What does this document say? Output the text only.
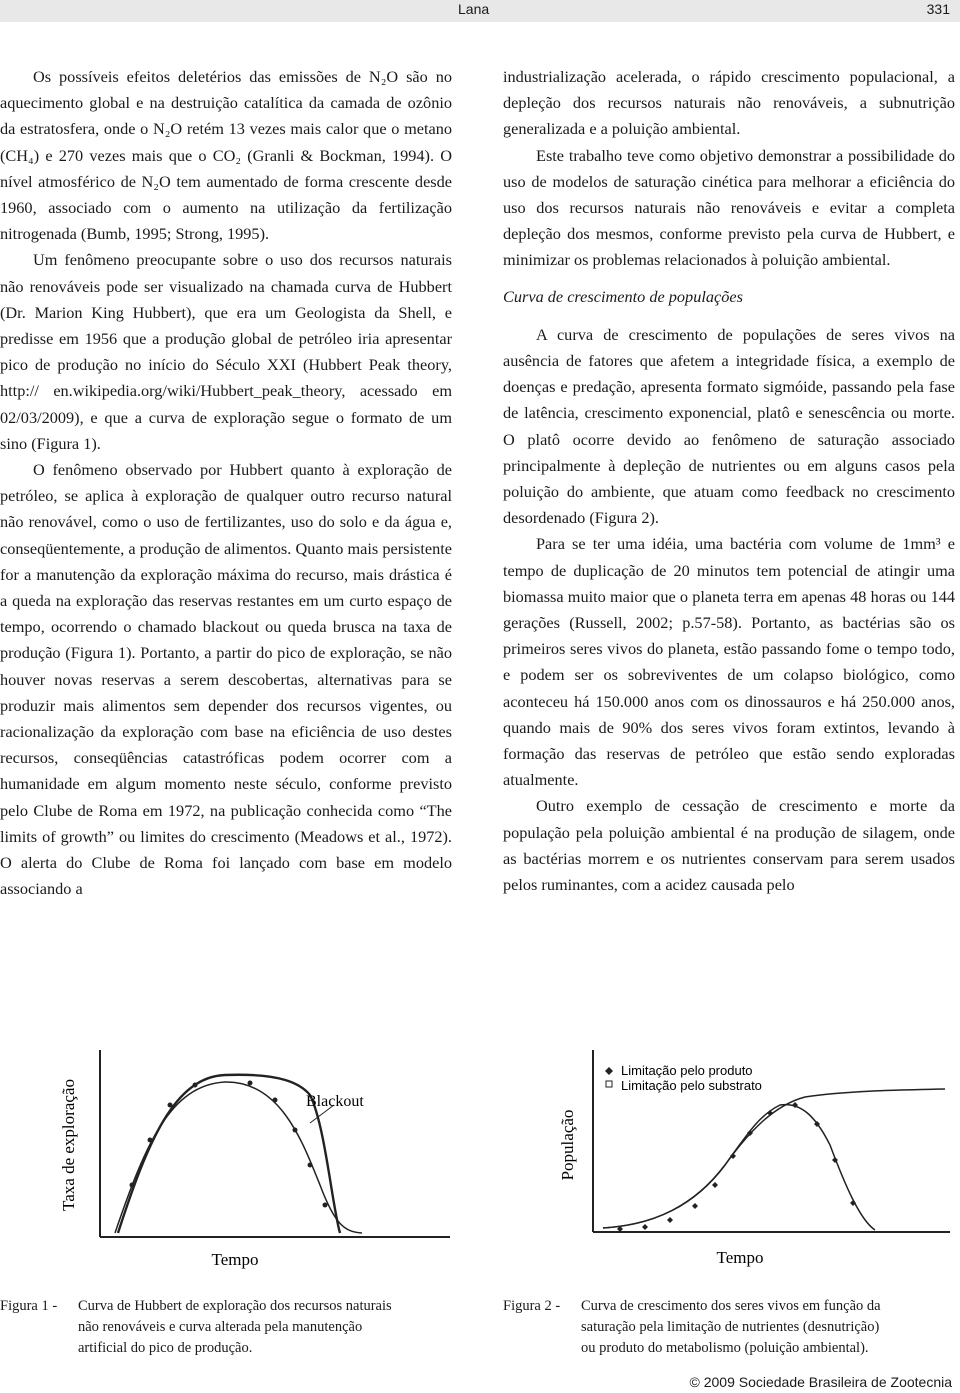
Lana	331

Os possíveis efeitos deletérios das emissões de N₂O são no aquecimento global e na destruição catalítica da camada de ozônio da estratosfera, onde o N₂O retém 13 vezes mais calor que o metano (CH₄) e 270 vezes mais que o CO₂ (Granli & Bockman, 1994). O nível atmosférico de N₂O tem aumentado de forma crescente desde 1960, associado com o aumento na utilização da fertilização nitrogenada (Bumb, 1995; Strong, 1995).

Um fenômeno preocupante sobre o uso dos recursos naturais não renováveis pode ser visualizado na chamada curva de Hubbert (Dr. Marion King Hubbert), que era um Geologista da Shell, e predisse em 1956 que a produção global de petróleo iria apresentar pico de produção no início do Século XXI (Hubbert Peak theory, http:// en.wikipedia.org/wiki/Hubbert_peak_theory, acessado em 02/03/2009), e que a curva de exploração segue o formato de um sino (Figura 1).

O fenômeno observado por Hubbert quanto à exploração de petróleo, se aplica à exploração de qualquer outro recurso natural não renovável, como o uso de fertilizantes, uso do solo e da água e, conseqüentemente, a produção de alimentos. Quanto mais persistente for a manutenção da exploração máxima do recurso, mais drástica é a queda na exploração das reservas restantes em um curto espaço de tempo, ocorrendo o chamado blackout ou queda brusca na taxa de produção (Figura 1). Portanto, a partir do pico de exploração, se não houver novas reservas a serem descobertas, alternativas para se produzir mais alimentos sem depender dos recursos vigentes, ou racionalização da exploração com base na eficiência de uso destes recursos, conseqüências catastróficas podem ocorrer com a humanidade em algum momento neste século, conforme previsto pelo Clube de Roma em 1972, na publicação conhecida como “The limits of growth” ou limites do crescimento (Meadows et al., 1972). O alerta do Clube de Roma foi lançado com base em modelo associando a

industrialização acelerada, o rápido crescimento populacional, a depleção dos recursos naturais não renováveis, a subnutrição generalizada e a poluição ambiental.

Este trabalho teve como objetivo demonstrar a possibilidade do uso de modelos de saturação cinética para melhorar a eficiência do uso dos recursos naturais não renováveis e evitar a completa depleção dos mesmos, conforme previsto pela curva de Hubbert, e minimizar os problemas relacionados à poluição ambiental.

Curva de crescimento de populações

A curva de crescimento de populações de seres vivos na ausência de fatores que afetem a integridade física, a exemplo de doenças e predação, apresenta formato sigmóide, passando pela fase de latência, crescimento exponencial, platô e senescência ou morte. O platô ocorre devido ao fenômeno de saturação associado principalmente à depleção de nutrientes ou em alguns casos pela poluição do ambiente, que atuam como feedback no crescimento desordenado (Figura 2).

Para se ter uma idéia, uma bactéria com volume de 1mm³ e tempo de duplicação de 20 minutos tem potencial de atingir uma biomassa muito maior que o planeta terra em apenas 48 horas ou 144 gerações (Russell, 2002; p.57-58). Portanto, as bactérias são os primeiros seres vivos do planeta, estão passando fome o tempo todo, e podem ser os sobreviventes de um colapso biológico, como aconteceu há 150.000 anos com os dinossauros e há 250.000 anos, quando mais de 90% dos seres vivos foram extintos, levando à formação das reservas de petróleo que estão sendo exploradas atualmente.

Outro exemplo de cessação de crescimento e morte da população pela poluição ambiental é na produção de silagem, onde as bactérias morrem e os nutrientes conservam para serem usados pelos ruminantes, com a acidez causada pelo

Taxa de exploração
Tempo
Blackout
População
Tempo
Limitação pelo produto
Limitação pelo substrato
Figura 1 - Curva de Hubbert de exploração dos recursos naturais
não renováveis e curva alterada pela manutenção
artificial do pico de produção.
Figura 2 - Curva de crescimento dos seres vivos em função da
saturação pela limitação de nutrientes (desnutrição)
ou produto do metabolismo (poluição ambiental).
© 2009 Sociedade Brasileira de Zootecnia
